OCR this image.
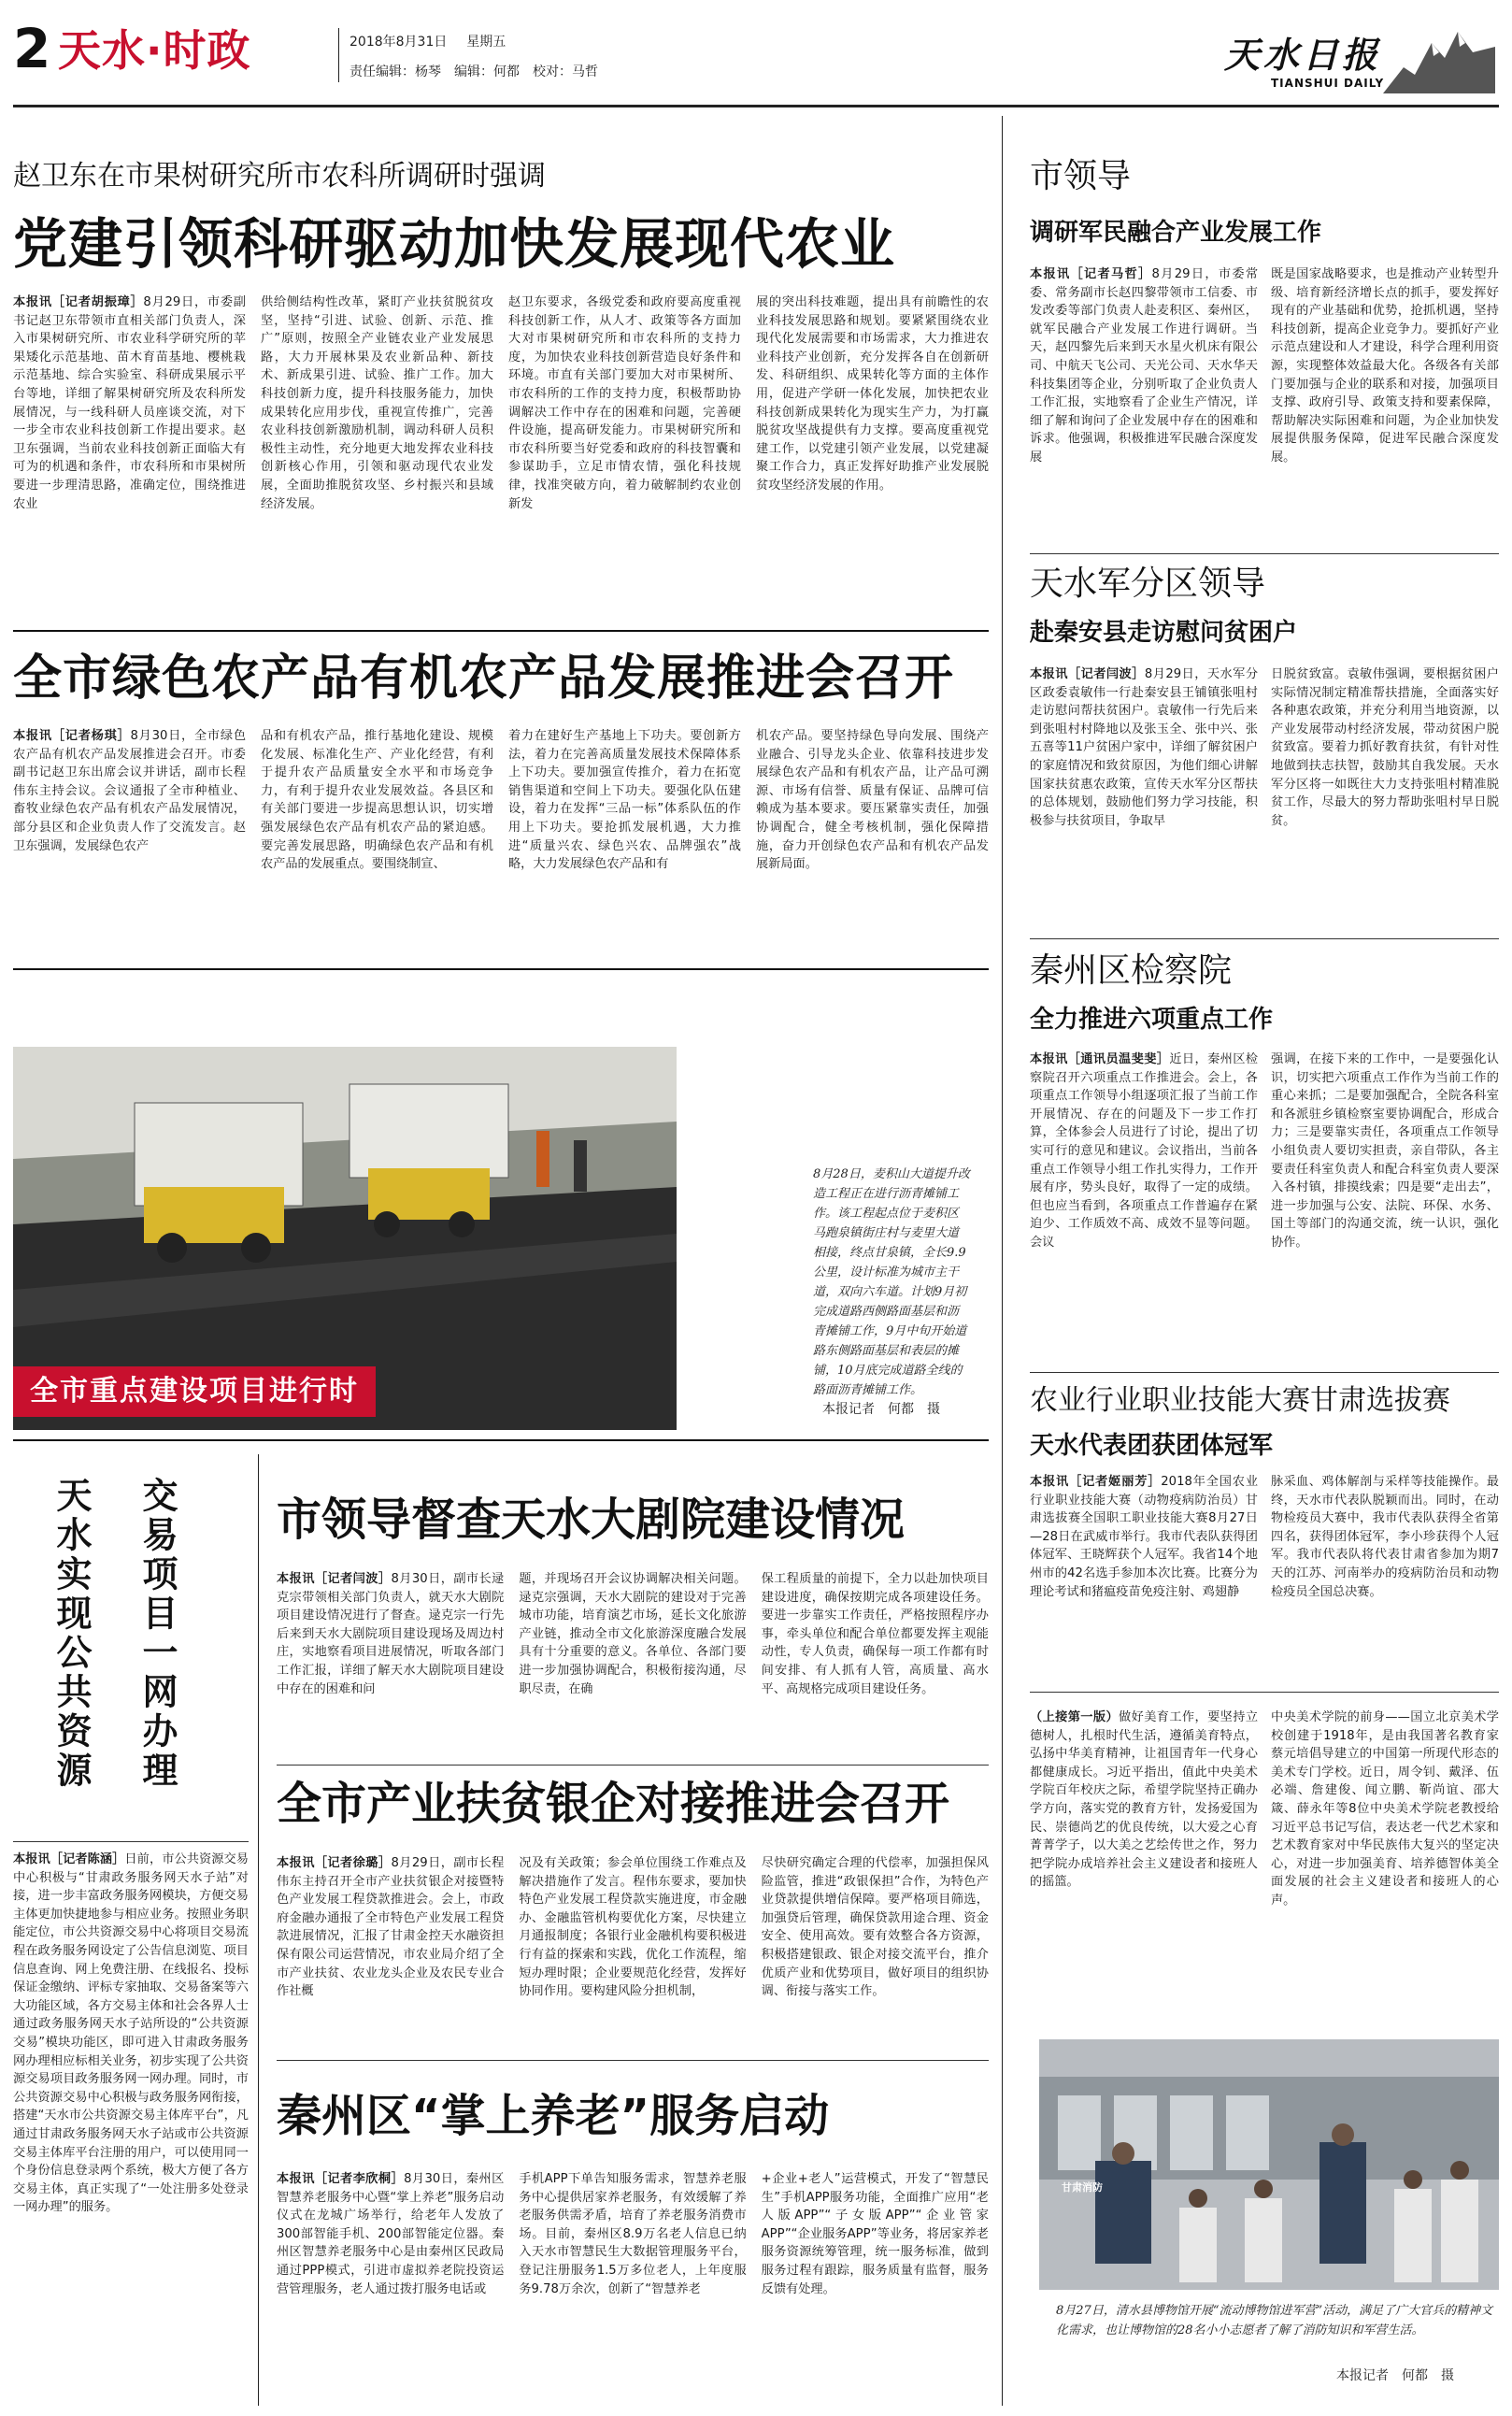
2 天水·时政	2018年8月31日 星期五
责任编辑：杨琴　编辑：何都　校对：马哲	天水日报
TIANSHUI DAILY
赵卫东在市果树研究所市农科所调研时强调
党建引领科研驱动加快发展现代农业
本报讯［记者胡振璋］8月29日，市委副书记赵卫东带领市直相关部门负责人，深入市果树研究所、市农业科学研究所的苹果矮化示范基地、苗木育苗基地、樱桃栽示范基地、综合实验室、科研成果展示平台等地，详细了解果树研究所及农科所发展情况，与一线科研人员座谈交流，对下一步全市农业科技创新工作提出要求。赵卫东强调，当前农业科技创新正面临大有可为的机遇和条件，市农科所和市果树所要进一步理清思路，准确定位，围绕推进农业
供给侧结构性改革，紧盯产业扶贫脱贫攻坚，坚持“引进、试验、创新、示范、推广”原则，按照全产业链农业产业发展思路，大力开展林果及农业新品种、新技术、新成果引进、试验、推广工作。加大科技创新力度，提升科技服务能力，加快成果转化应用步伐，重视宣传推广，完善农业科技创新激励机制，调动科研人员积极性主动性，充分地更大地发挥农业科技创新核心作用，引领和驱动现代农业发展，全面助推脱贫攻坚、乡村振兴和县域经济发展。
赵卫东要求，各级党委和政府要高度重视科技创新工作，从人才、政策等各方面加大对市果树研究所和市农科所的支持力度，为加快农业科技创新营造良好条件和环境。市直有关部门要加大对市果树所、市农科所的工作的支持力度，积极帮助协调解决工作中存在的困难和问题，完善硬件设施，提高研发能力。市果树研究所和市农科所要当好党委和政府的科技智囊和参谋助手，立足市情农情，强化科技规律，找准突破方向，着力破解制约农业创新发
展的突出科技难题，提出具有前瞻性的农业科技发展思路和规划。要紧紧围绕农业现代化发展需要和市场需求，大力推进农业科技产业创新，充分发挥各自在创新研发、科研组织、成果转化等方面的主体作用，促进产学研一体化发展，加快把农业科技创新成果转化为现实生产力，为打赢脱贫攻坚战提供有力支撑。要高度重视党建工作，以党建引领产业发展，以党建凝聚工作合力，真正发挥好助推产业发展脱贫攻坚经济发展的作用。
全市绿色农产品有机农产品发展推进会召开
本报讯［记者杨琪］8月30日，全市绿色农产品有机农产品发展推进会召开。市委副书记赵卫东出席会议并讲话，副市长程伟东主持会议。会议通报了全市种植业、畜牧业绿色农产品有机农产品发展情况，部分县区和企业负责人作了交流发言。赵卫东强调，发展绿色农产
品和有机农产品，推行基地化建设、规模化发展、标准化生产、产业化经营，有利于提升农产品质量安全水平和市场竞争力，有利于提升农业发展效益。各县区和有关部门要进一步提高思想认识，切实增强发展绿色农产品有机农产品的紧迫感。要完善发展思路，明确绿色农产品和有机农产品的发展重点。要围绕制宣、
着力在建好生产基地上下功夫。要创新方法，着力在完善高质量发展技术保障体系上下功夫。要加强宣传推介，着力在拓宽销售渠道和空间上下功夫。要强化队伍建设，着力在发挥“三品一标”体系队伍的作用上下功夫。要抢抓发展机遇，大力推进“质量兴农、绿色兴农、品牌强农”战略，大力发展绿色农产品和有
机农产品。要坚持绿色导向发展、围绕产业融合、引导龙头企业、依靠科技进步发展绿色农产品和有机农产品，让产品可溯源、市场有信誉、质量有保证、品牌可信赖成为基本要求。要压紧靠实责任，加强协调配合，健全考核机制，强化保障措施，奋力开创绿色农产品和有机农产品发展新局面。
全市重点建设项目进行时
8月28日，麦积山大道提升改造工程正在进行沥青摊铺工作。该工程起点位于麦积区马跑泉镇街庄村与麦里大道相接，终点甘泉镇，全长9.9公里，设计标准为城市主干道，双向六车道。计划9月初完成道路西侧路面基层和沥青摊铺工作，9月中旬开始道路东侧路面基层和表层的摊铺，10月底完成道路全线的路面沥青摊铺工作。
本报记者　何都　摄
交易项目一网办理
天水实现公共资源
本报讯［记者陈涵］日前，市公共资源交易中心积极与“甘肃政务服务网天水子站”对接，进一步丰富政务服务网模块，方便交易主体更加快捷地参与相应业务。按照业务职能定位，市公共资源交易中心将项目交易流程在政务服务网设定了公告信息浏览、项目信息查询、网上免费注册、在线报名、投标保证金缴纳、评标专家抽取、交易备案等六大功能区域，各方交易主体和社会各界人士通过政务服务网天水子站所设的“公共资源交易”模块功能区，即可进入甘肃政务服务网办理相应标相关业务，初步实现了公共资源交易项目政务服务网一网办理。同时，市公共资源交易中心积极与政务服务网衔接，搭建“天水市公共资源交易主体库平台”，凡通过甘肃政务服务网天水子站或市公共资源交易主体库平台注册的用户，可以使用同一个身份信息登录两个系统，极大方便了各方交易主体，真正实现了“一处注册多处登录一网办理”的服务。
市领导督查天水大剧院建设情况
本报讯［记者闫波］8月30日，副市长逯克宗带领相关部门负责人，就天水大剧院项目建设情况进行了督查。逯克宗一行先后来到天水大剧院项目建设现场及周边村庄，实地察看项目进展情况，听取各部门工作汇报，详细了解天水大剧院项目建设中存在的困难和问
题，并现场召开会议协调解决相关问题。逯克宗强调，天水大剧院的建设对于完善城市功能，培育演艺市场，延长文化旅游产业链，推动全市文化旅游深度融合发展具有十分重要的意义。各单位、各部门要进一步加强协调配合，积极衔接沟通，尽职尽责，在确
保工程质量的前提下，全力以赴加快项目建设进度，确保按期完成各项建设任务。要进一步靠实工作责任，严格按照程序办事，牵头单位和配合单位都要发挥主观能动性，专人负责，确保每一项工作都有时间安排、有人抓有人管，高质量、高水平、高规格完成项目建设任务。
全市产业扶贫银企对接推进会召开
本报讯［记者徐璐］8月29日，副市长程伟东主持召开全市产业扶贫银企对接暨特色产业发展工程贷款推进会。会上，市政府金融办通报了全市特色产业发展工程贷款进展情况，汇报了甘肃金控天水融资担保有限公司运营情况，市农业局介绍了全市产业扶贫、农业龙头企业及农民专业合作社概
况及有关政策；参会单位围绕工作难点及解决措施作了发言。程伟东要求，要加快特色产业发展工程贷款实施进度，市金融办、金融监管机构要优化方案，尽快建立月通报制度；各银行业金融机构要积极进行有益的探索和实践，优化工作流程，缩短办理时限；企业要规范化经营，发挥好协同作用。要构建风险分担机制，
尽快研究确定合理的代偿率，加强担保风险监管，推进“政银保担”合作，为特色产业贷款提供增信保障。要严格项目筛选，加强贷后管理，确保贷款用途合理、资金安全、使用高效。要有效整合各方资源，积极搭建银政、银企对接交流平台，推介优质产业和优势项目，做好项目的组织协调、衔接与落实工作。
秦州区“掌上养老”服务启动
本报讯［记者李欣桐］8月30日，秦州区智慧养老服务中心暨“掌上养老”服务启动仪式在龙城广场举行，给老年人发放了300部智能手机、200部智能定位器。秦州区智慧养老服务中心是由秦州区民政局通过PPP模式，引进市虚拟养老院投资运营管理服务，老人通过拨打服务电话或
手机APP下单告知服务需求，智慧养老服务中心提供居家养老服务，有效缓解了养老服务供需矛盾，培育了养老服务消费市场。目前，秦州区8.9万名老人信息已纳入天水市智慧民生大数据管理服务平台，登记注册服务1.5万多位老人，上年度服务9.78万余次，创新了“智慧养老
+企业+老人”运营模式，开发了“智慧民生”手机APP服务功能，全面推广应用“老人版APP”“子女版APP”“企业管家APP”“企业服务APP”等业务，将居家养老服务资源统筹管理，统一服务标准，做到服务过程有跟踪，服务质量有监督，服务反馈有处理。
市领导
调研军民融合产业发展工作
本报讯［记者马哲］8月29日，市委常委、常务副市长赵四黎带领市工信委、市发改委等部门负责人赴麦积区、秦州区，就军民融合产业发展工作进行调研。当天，赵四黎先后来到天水星火机床有限公司、中航天飞公司、天光公司、天水华天科技集团等企业，分别听取了企业负责人工作汇报，实地察看了企业生产情况，详细了解和询问了企业发展中存在的困难和诉求。他强调，积极推进军民融合深度发展
既是国家战略要求，也是推动产业转型升级、培育新经济增长点的抓手，要发挥好现有的产业基础和优势，抢抓机遇，坚持科技创新，提高企业竞争力。要抓好产业示范点建设和人才建设，科学合理利用资源，实现整体效益最大化。各级各有关部门要加强与企业的联系和对接，加强项目支撑、政府引导、政策支持和要素保障，帮助解决实际困难和问题，为企业加快发展提供服务保障，促进军民融合深度发展。
天水军分区领导
赴秦安县走访慰问贫困户
本报讯［记者闫波］8月29日，天水军分区政委袁敏伟一行赴秦安县王铺镇张咀村走访慰问帮扶贫困户。袁敏伟一行先后来到张咀村村降地以及张玉全、张中兴、张五喜等11户贫困户家中，详细了解贫困户的家庭情况和致贫原因，为他们细心讲解国家扶贫惠农政策，宣传天水军分区帮扶的总体规划，鼓励他们努力学习技能，积极参与扶贫项目，争取早
日脱贫致富。袁敏伟强调，要根据贫困户实际情况制定精准帮扶措施，全面落实好各种惠农政策，并充分利用当地资源，以产业发展带动村经济发展，带动贫困户脱贫致富。要着力抓好教育扶贫，有针对性地做到扶志扶智，鼓励其自我发展。天水军分区将一如既往大力支持张咀村精准脱贫工作，尽最大的努力帮助张咀村早日脱贫。
秦州区检察院
全力推进六项重点工作
本报讯［通讯员温斐斐］近日，秦州区检察院召开六项重点工作推进会。会上，各项重点工作领导小组逐项汇报了当前工作开展情况、存在的问题及下一步工作打算，全体参会人员进行了讨论，提出了切实可行的意见和建议。会议指出，当前各重点工作领导小组工作扎实得力，工作开展有序，势头良好，取得了一定的成绩。但也应当看到，各项重点工作普遍存在紧迫少、工作质效不高、成效不显等问题。会议
强调，在接下来的工作中，一是要强化认识，切实把六项重点工作作为当前工作的重心来抓；二是要加强配合，全院各科室和各派驻乡镇检察室要协调配合，形成合力；三是要靠实责任，各项重点工作领导小组负责人要切实担责，亲自带队，各主要责任科室负责人和配合科室负责人要深入各村镇，排摸线索；四是要“走出去”，进一步加强与公安、法院、环保、水务、国土等部门的沟通交流，统一认识，强化协作。
农业行业职业技能大赛甘肃选拔赛
天水代表团获团体冠军
本报讯［记者姬丽芳］2018年全国农业行业职业技能大赛（动物疫病防治员）甘肃选拔赛全国职工职业技能大赛8月27日—28日在武威市举行。我市代表队获得团体冠军、王晓辉获个人冠军。我省14个地州市的42名选手参加本次比赛。比赛分为理论考试和猪瘟疫苗免疫注射、鸡翅静
脉采血、鸡体解剖与采样等技能操作。最终，天水市代表队脱颖而出。同时，在动物检疫员大赛中，我市代表队获得全省第四名，获得团体冠军，李小珍获得个人冠军。我市代表队将代表甘肃省参加为期7天的江苏、河南举办的疫病防治员和动物检疫员全国总决赛。
（上接第一版）做好美育工作，要坚持立德树人，扎根时代生活，遵循美育特点，弘扬中华美育精神，让祖国青年一代身心都健康成长。习近平指出，值此中央美术学院百年校庆之际，希望学院坚持正确办学方向，落实党的教育方针，发扬爱国为民、崇德尚艺的优良传统，以大爱之心育菁菁学子，以大美之艺绘传世之作，努力把学院办成培养社会主义建设者和接班人的摇篮。
中央美术学院的前身——国立北京美术学校创建于1918年，是由我国著名教育家蔡元培倡导建立的中国第一所现代形态的美术专门学校。近日，周令钊、戴泽、伍必端、詹建俊、闻立鹏、靳尚谊、邵大箴、薛永年等8位中央美术学院老教授给习近平总书记写信，表达老一代艺术家和艺术教育家对中华民族伟大复兴的坚定决心，对进一步加强美育、培养德智体美全面发展的社会主义建设者和接班人的心声。
甘肃消防
8月27日，清水县博物馆开展“流动博物馆进军营”活动，满足了广大官兵的精神文化需求，也让博物馆的28名小小志愿者了解了消防知识和军营生活。
本报记者　何都　摄
